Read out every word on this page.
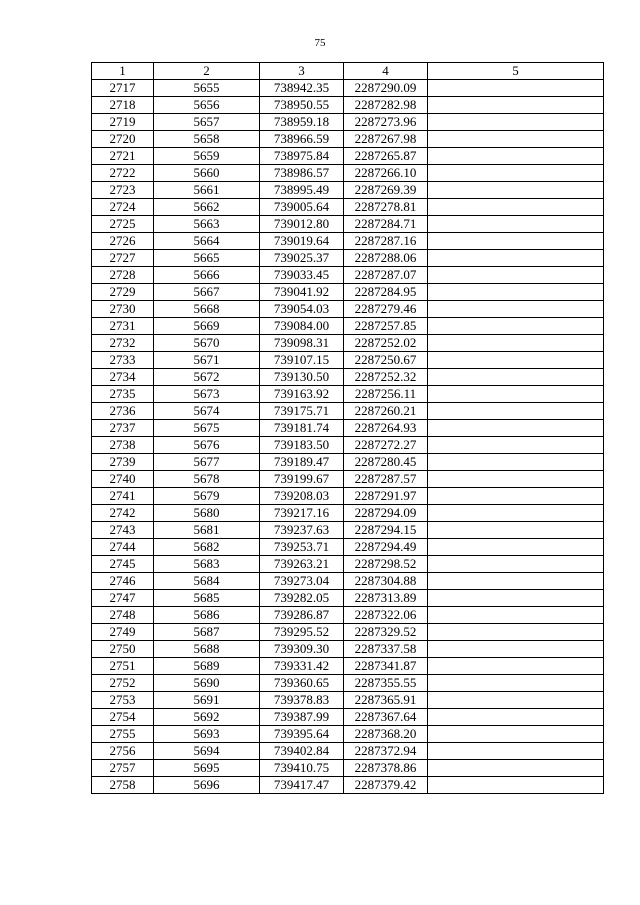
75
1	2	3	4	5
2717	5655	738942.35	2287290.09	
2718	5656	738950.55	2287282.98	
2719	5657	738959.18	2287273.96	
2720	5658	738966.59	2287267.98	
2721	5659	738975.84	2287265.87	
2722	5660	738986.57	2287266.10	
2723	5661	738995.49	2287269.39	
2724	5662	739005.64	2287278.81	
2725	5663	739012.80	2287284.71	
2726	5664	739019.64	2287287.16	
2727	5665	739025.37	2287288.06	
2728	5666	739033.45	2287287.07	
2729	5667	739041.92	2287284.95	
2730	5668	739054.03	2287279.46	
2731	5669	739084.00	2287257.85	
2732	5670	739098.31	2287252.02	
2733	5671	739107.15	2287250.67	
2734	5672	739130.50	2287252.32	
2735	5673	739163.92	2287256.11	
2736	5674	739175.71	2287260.21	
2737	5675	739181.74	2287264.93	
2738	5676	739183.50	2287272.27	
2739	5677	739189.47	2287280.45	
2740	5678	739199.67	2287287.57	
2741	5679	739208.03	2287291.97	
2742	5680	739217.16	2287294.09	
2743	5681	739237.63	2287294.15	
2744	5682	739253.71	2287294.49	
2745	5683	739263.21	2287298.52	
2746	5684	739273.04	2287304.88	
2747	5685	739282.05	2287313.89	
2748	5686	739286.87	2287322.06	
2749	5687	739295.52	2287329.52	
2750	5688	739309.30	2287337.58	
2751	5689	739331.42	2287341.87	
2752	5690	739360.65	2287355.55	
2753	5691	739378.83	2287365.91	
2754	5692	739387.99	2287367.64	
2755	5693	739395.64	2287368.20	
2756	5694	739402.84	2287372.94	
2757	5695	739410.75	2287378.86	
2758	5696	739417.47	2287379.42	
